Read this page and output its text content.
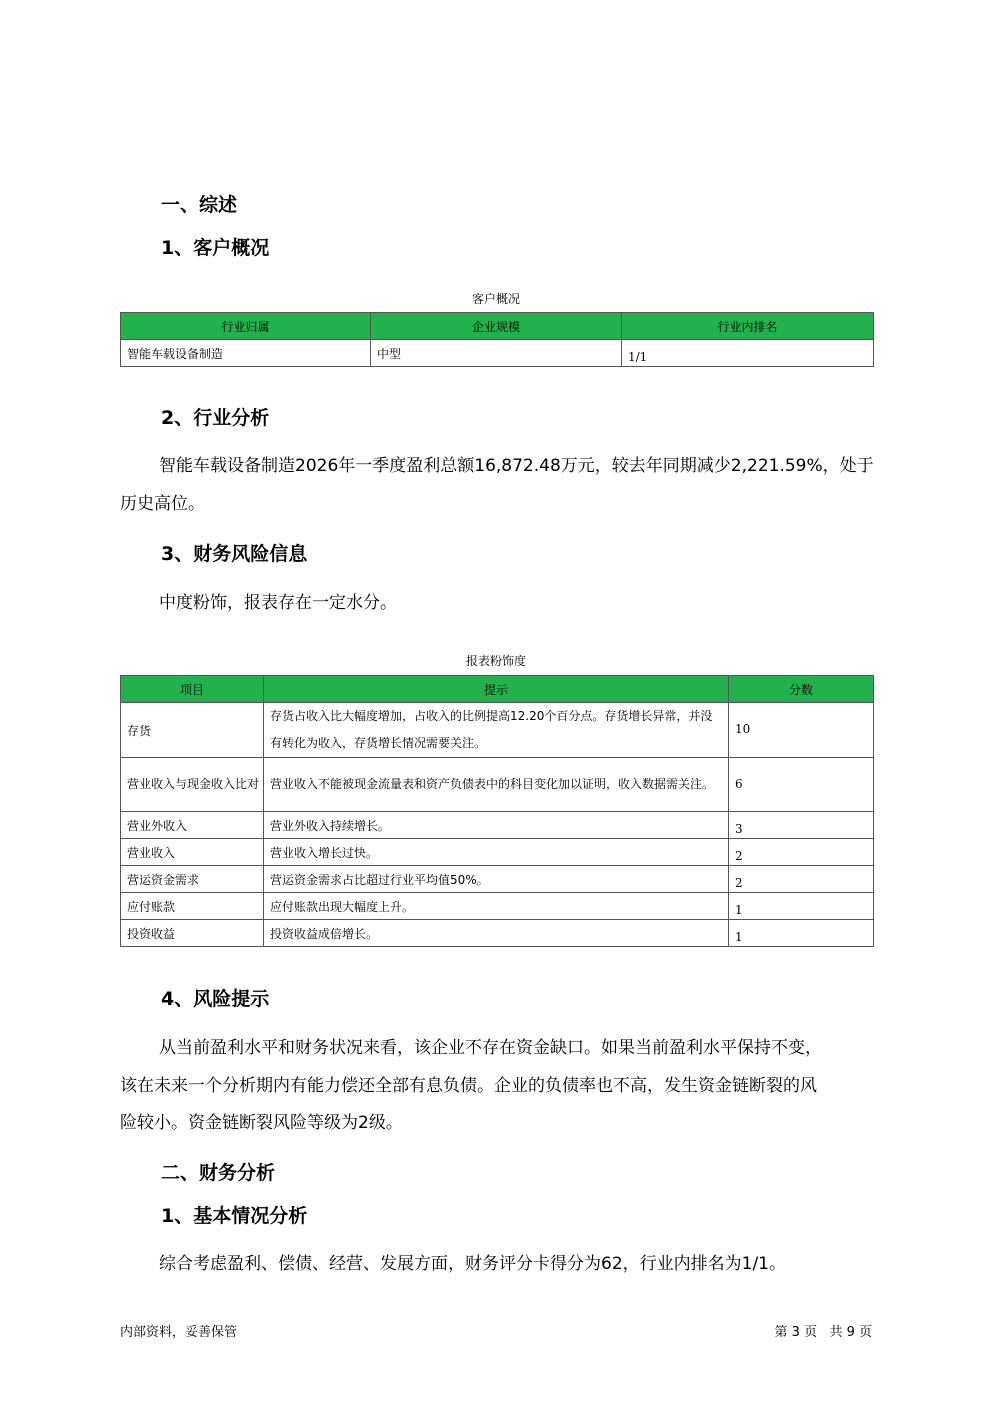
一、综述
1、客户概况
客户概况
行业归属	企业规模	行业内排名
智能车载设备制造	中型	1/1
2、行业分析

智能车载设备制造2026年一季度盈利总额16,872.48万元，较去年同期减少2,221.59%，处于

历史高位。

3、财务风险信息

中度粉饰，报表存在一定水分。

报表粉饰度
项目	提示	分数
存货	存货占收入比大幅度增加，占收入的比例提高12.20个百分点。存货增长异常，并没有转化为收入，存货增长情况需要关注。	10
营业收入与现金收入比对	营业收入不能被现金流量表和资产负债表中的科目变化加以证明，收入数据需关注。	6
营业外收入	营业外收入持续增长。	3
营业收入	营业收入增长过快。	2
营运资金需求	营运资金需求占比超过行业平均值50%。	2
应付账款	应付账款出现大幅度上升。	1
投资收益	投资收益成倍增长。	1
4、风险提示

从当前盈利水平和财务状况来看，该企业不存在资金缺口。如果当前盈利水平保持不变，

该在未来一个分析期内有能力偿还全部有息负债。企业的负债率也不高，发生资金链断裂的风

险较小。资金链断裂风险等级为2级。

二、财务分析
1、基本情况分析

综合考虑盈利、偿债、经营、发展方面，财务评分卡得分为62，行业内排名为1/1。

内部资料，妥善保管	第 3 页   共 9 页
